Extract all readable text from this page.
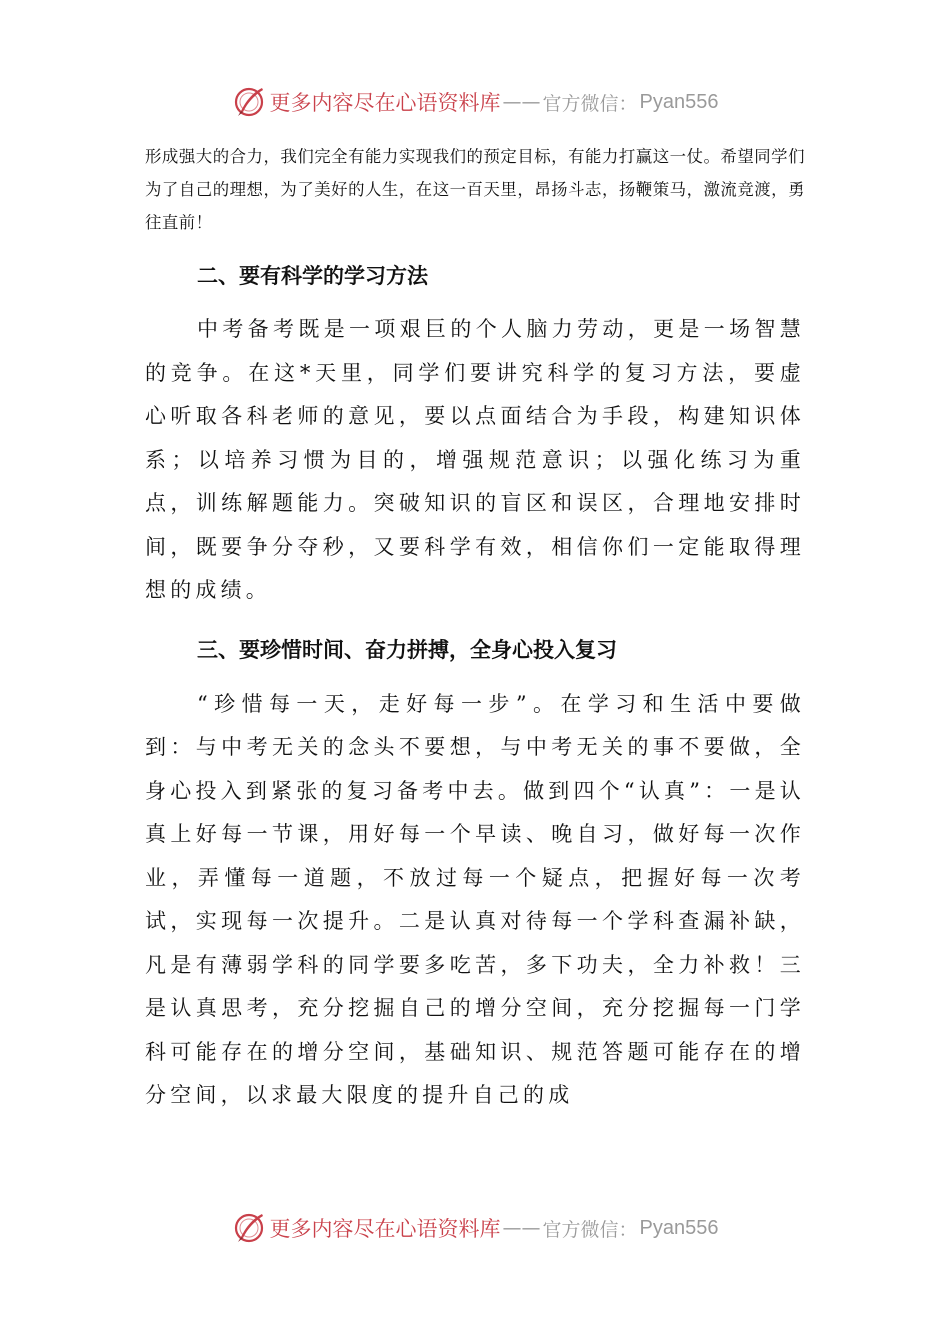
更多内容尽在心语资料库 —— 官方微信： Pyan556

形成强大的合力，我们完全有能力实现我们的预定目标，有能力打赢这一仗。希望同学们为了自己的理想，为了美好的人生，在这一百天里，昂扬斗志，扬鞭策马，激流竞渡，勇往直前！

二、要有科学的学习方法

中考备考既是一项艰巨的个人脑力劳动，更是一场智慧的竞争。在这*天里，同学们要讲究科学的复习方法，要虚心听取各科老师的意见，要以点面结合为手段，构建知识体系；以培养习惯为目的，增强规范意识；以强化练习为重点，训练解题能力。突破知识的盲区和误区，合理地安排时间，既要争分夺秒，又要科学有效，相信你们一定能取得理想的成绩。

三、要珍惜时间、奋力拼搏，全身心投入复习

“珍惜每一天，走好每一步”。在学习和生活中要做到：与中考无关的念头不要想，与中考无关的事不要做，全身心投入到紧张的复习备考中去。做到四个“认真”：一是认真上好每一节课，用好每一个早读、晚自习，做好每一次作业，弄懂每一道题，不放过每一个疑点，把握好每一次考试，实现每一次提升。二是认真对待每一个学科查漏补缺，凡是有薄弱学科的同学要多吃苦，多下功夫，全力补救！三是认真思考，充分挖掘自己的增分空间，充分挖掘每一门学科可能存在的增分空间，基础知识、规范答题可能存在的增分空间，以求最大限度的提升自己的成

更多内容尽在心语资料库 —— 官方微信： Pyan556
